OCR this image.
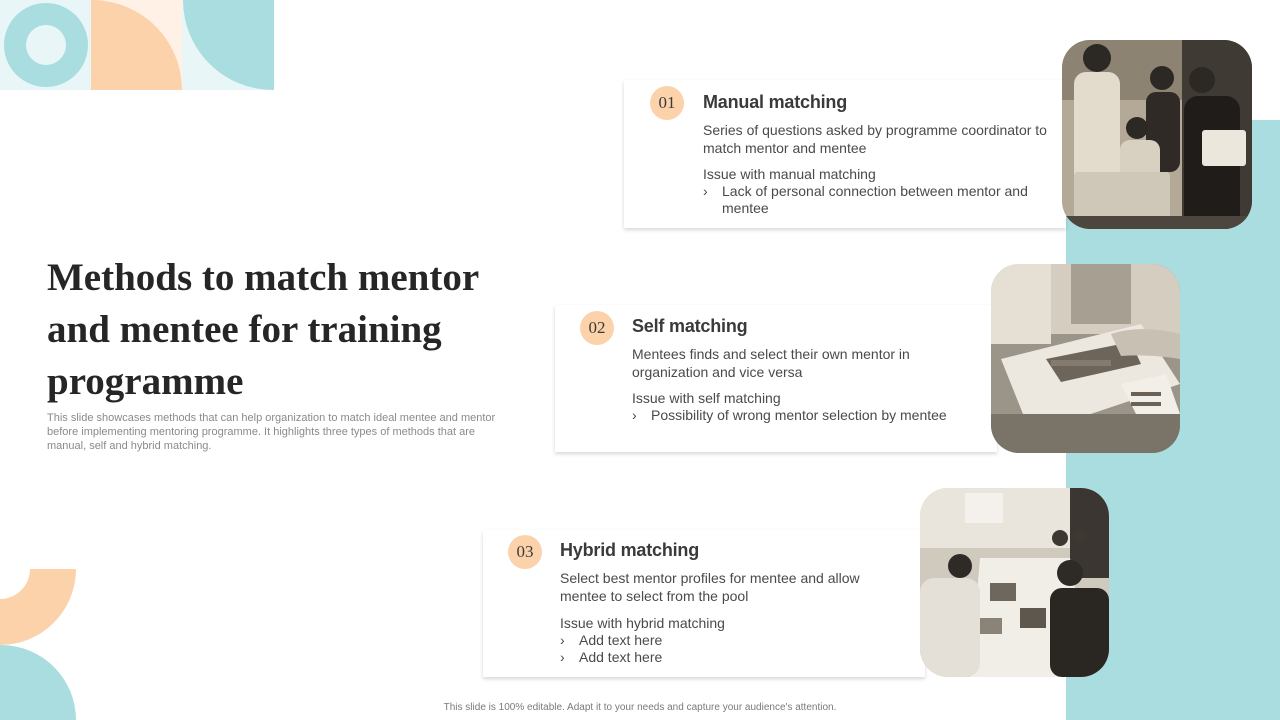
Methods to match mentor and mentee for training programme

This slide showcases methods that can help organization to match ideal mentee and mentor before implementing mentoring programme. It highlights three types of methods that are manual, self and hybrid matching.

01	Manual matching
Series of questions asked by programme coordinator to match mentor and mentee
Issue with manual matching
› Lack of personal connection between mentor and mentee
02	Self matching
Mentees finds and select their own mentor in organization and vice versa
Issue with self matching
› Possibility of wrong mentor selection by mentee
03	Hybrid matching
Select best mentor profiles for mentee and allow mentee to select from the pool
Issue with hybrid matching
› Add text here
› Add text here
This slide is 100% editable. Adapt it to your needs and capture your audience's attention.
